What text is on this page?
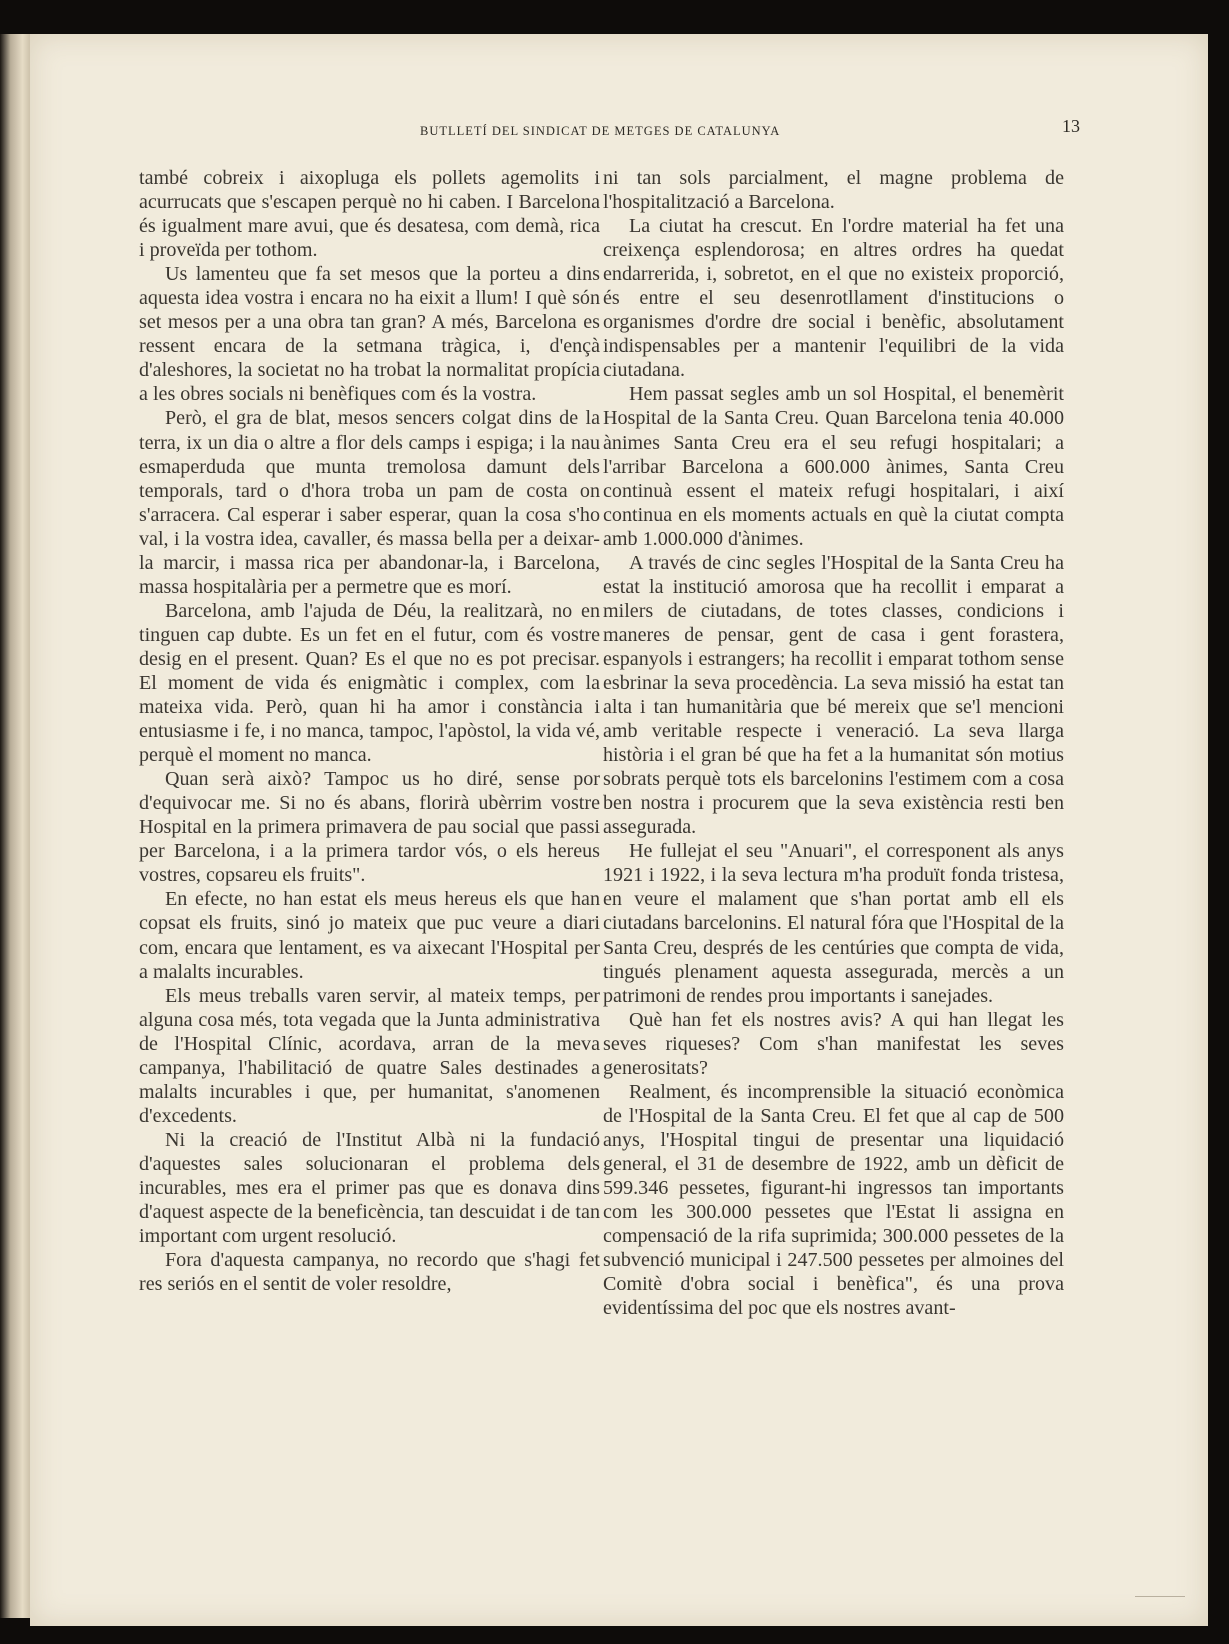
BUTLLETÍ DEL SINDICAT DE METGES DE CATALUNYA	13

també cobreix i aixopluga els pollets agemolits i acurrucats que s'escapen perquè no hi caben. I Barcelona és igualment mare avui, que és desatesa, com demà, rica i proveïda per tothom.

Us lamenteu que fa set mesos que la porteu a dins aquesta idea vostra i encara no ha eixit a llum! I què són set mesos per a una obra tan gran? A més, Barcelona es ressent encara de la setmana tràgica, i, d'ençà d'aleshores, la societat no ha trobat la normalitat propícia a les obres socials ni benèfiques com és la vostra.

Però, el gra de blat, mesos sencers colgat dins de la terra, ix un dia o altre a flor dels camps i espiga; i la nau esmaperduda que munta tremolosa damunt dels temporals, tard o d'hora troba un pam de costa on s'arracera. Cal esperar i saber esperar, quan la cosa s'ho val, i la vostra idea, cavaller, és massa bella per a deixar-la marcir, i massa rica per abandonar-la, i Barcelona, massa hospitalària per a permetre que es morí.

Barcelona, amb l'ajuda de Déu, la realitzarà, no en tinguen cap dubte. Es un fet en el futur, com és vostre desig en el present. Quan? Es el que no es pot precisar. El moment de vida és enigmàtic i complex, com la mateixa vida. Però, quan hi ha amor i constància i entusiasme i fe, i no manca, tampoc, l'apòstol, la vida vé, perquè el moment no manca.

Quan serà això? Tampoc us ho diré, sense por d'equivocar me. Si no és abans, florirà ubèrrim vostre Hospital en la primera primavera de pau social que passi per Barcelona, i a la primera tardor vós, o els hereus vostres, copsareu els fruits".

En efecte, no han estat els meus hereus els que han copsat els fruits, sinó jo mateix que puc veure a diari com, encara que lentament, es va aixecant l'Hospital per a malalts incurables.

Els meus treballs varen servir, al mateix temps, per alguna cosa més, tota vegada que la Junta administrativa de l'Hospital Clínic, acordava, arran de la meva campanya, l'habilitació de quatre Sales destinades a malalts incurables i que, per humanitat, s'anomenen d'excedents.

Ni la creació de l'Institut Albà ni la fundació d'aquestes sales solucionaran el problema dels incurables, mes era el primer pas que es donava dins d'aquest aspecte de la beneficència, tan descuidat i de tan important com urgent resolució.

Fora d'aquesta campanya, no recordo que s'hagi fet res seriós en el sentit de voler resoldre,

ni tan sols parcialment, el magne problema de l'hospitalització a Barcelona.

La ciutat ha crescut. En l'ordre material ha fet una creixença esplendorosa; en altres ordres ha quedat endarrerida, i, sobretot, en el que no existeix proporció, és entre el seu desenrotllament d'institucions o organismes d'ordre dre social i benèfic, absolutament indispensables per a mantenir l'equilibri de la vida ciutadana.

Hem passat segles amb un sol Hospital, el benemèrit Hospital de la Santa Creu. Quan Barcelona tenia 40.000 ànimes Santa Creu era el seu refugi hospitalari; a l'arribar Barcelona a 600.000 ànimes, Santa Creu continuà essent el mateix refugi hospitalari, i així continua en els moments actuals en què la ciutat compta amb 1.000.000 d'ànimes.

A través de cinc segles l'Hospital de la Santa Creu ha estat la institució amorosa que ha recollit i emparat a milers de ciutadans, de totes classes, condicions i maneres de pensar, gent de casa i gent forastera, espanyols i estrangers; ha recollit i emparat tothom sense esbrinar la seva procedència. La seva missió ha estat tan alta i tan humanitària que bé mereix que se'l mencioni amb veritable respecte i veneració. La seva llarga història i el gran bé que ha fet a la humanitat són motius sobrats perquè tots els barcelonins l'estimem com a cosa ben nostra i procurem que la seva existència resti ben assegurada.

He fullejat el seu "Anuari", el corresponent als anys 1921 i 1922, i la seva lectura m'ha produït fonda tristesa, en veure el malament que s'han portat amb ell els ciutadans barcelonins. El natural fóra que l'Hospital de la Santa Creu, després de les centúries que compta de vida, tingués plenament aquesta assegurada, mercès a un patrimoni de rendes prou importants i sanejades.

Què han fet els nostres avis? A qui han llegat les seves riqueses? Com s'han manifestat les seves generositats?

Realment, és incomprensible la situació econòmica de l'Hospital de la Santa Creu. El fet que al cap de 500 anys, l'Hospital tingui de presentar una liquidació general, el 31 de desembre de 1922, amb un dèficit de 599.346 pessetes, figurant-hi ingressos tan importants com les 300.000 pessetes que l'Estat li assigna en compensació de la rifa suprimida; 300.000 pessetes de la subvenció municipal i 247.500 pessetes per almoines del Comitè d'obra social i benèfica", és una prova evidentíssima del poc que els nostres avant-
